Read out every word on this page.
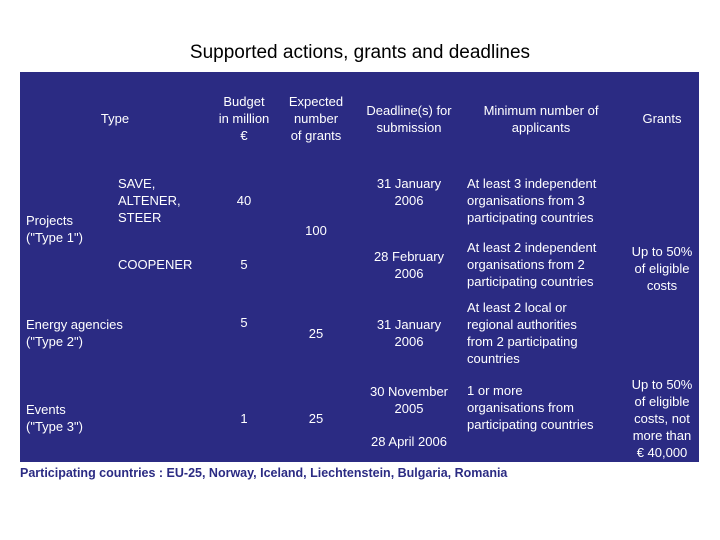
Supported actions, grants and deadlines
Type
Budget
in million
€
Expected
number
of grants
Deadline(s) for
submission
Minimum number of
applicants
Grants
Projects
("Type 1")
SAVE,
ALTENER,
STEER
40
31 January
2006
At least 3 independent
organisations from 3
participating countries
100
COOPENER	5
28 February
2006
At least 2 independent
organisations from 2
participating countries
Up to 50%
of eligible
costs
Energy agencies
("Type 2")
5
25
31 January
2006
At least 2 local or
regional authorities
from 2 participating
countries
Events
("Type 3")
1	25
30 November
2005
28 April 2006
1 or more
organisations from
participating countries
Up to 50%
of eligible
costs, not
more than
€ 40,000
Participating countries : EU-25, Norway, Iceland, Liechtenstein, Bulgaria, Romania
